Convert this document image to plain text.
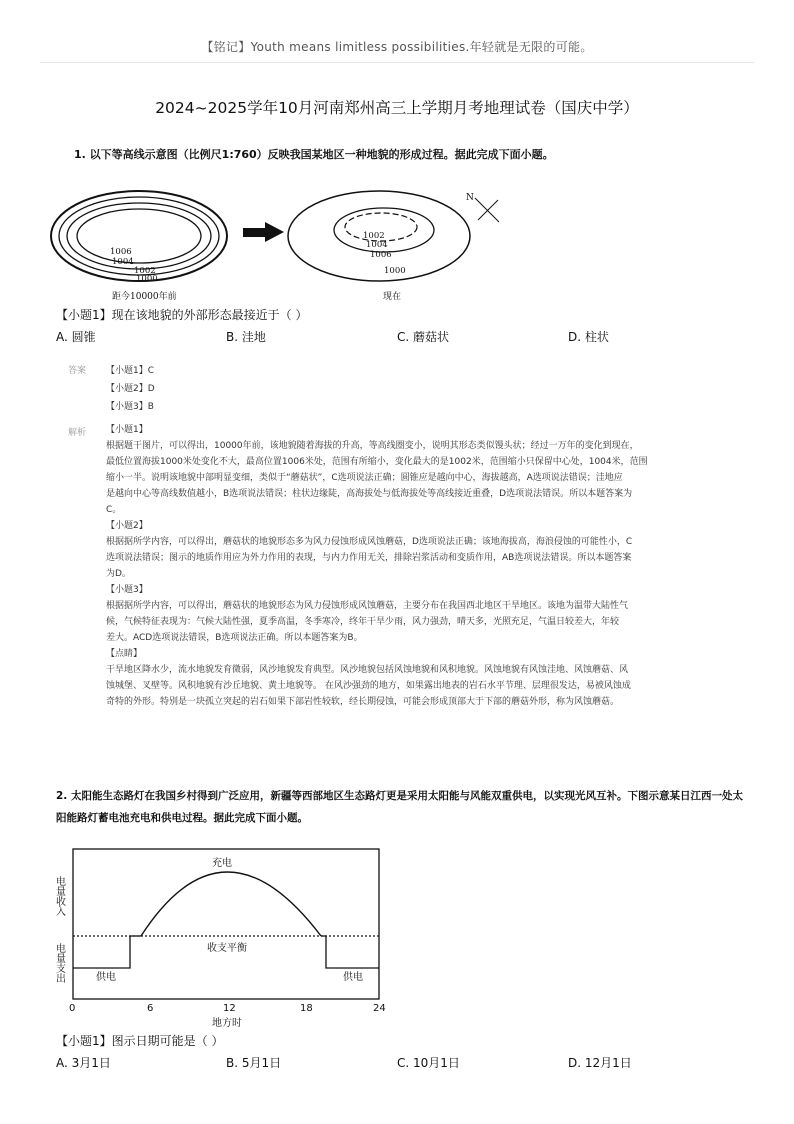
【铭记】Youth means limitless possibilities.年轻就是无限的可能。
2024~2025学年10月河南郑州高三上学期月考地理试卷（国庆中学）
1. 以下等高线示意图（比例尺1:760）反映我国某地区一种地貌的形成过程。据此完成下面小题。
1006
1004
1002
1000
距今10000年前
1002
1004
1006
1000
现在
N
【小题1】现在该地貌的外部形态最接近于（ ）
A. 圆锥	B. 洼地	C. 蘑菇状	D. 柱状
答案 【小题1】C
【小题2】D
【小题3】B
解析 【小题1】

根据题干图片，可以得出，10000年前，该地貌随着海拔的升高，等高线圈变小，说明其形态类似馒头状；经过一万年的变化到现在，

最低位置海拔1000米处变化不大，最高位置1006米处，范围有所缩小，变化最大的是1002米，范围缩小只保留中心处，1004米，范围

缩小一半。说明该地貌中部明显变细，类似于“蘑菇状”，C选项说法正确；圆锥应是越向中心，海拔越高，A选项说法错误；洼地应

是越向中心等高线数值越小，B选项说法错误；柱状边缘陡，高海拔处与低海拔处等高线接近重叠，D选项说法错误。所以本题答案为

C。

【小题2】

根据据所学内容，可以得出，蘑菇状的地貌形态多为风力侵蚀形成风蚀蘑菇，D选项说法正确；该地海拔高，海浪侵蚀的可能性小，C

选项说法错误；图示的地质作用应为外力作用的表现，与内力作用无关，排除岩浆活动和变质作用，AB选项说法错误。所以本题答案

为D。

【小题3】

根据据所学内容，可以得出，蘑菇状的地貌形态为风力侵蚀形成风蚀蘑菇，主要分布在我国西北地区干旱地区。该地为温带大陆性气

候，气候特征表现为：气候大陆性强，夏季高温，冬季寒冷，终年干旱少雨，风力强劲，晴天多，光照充足，气温日较差大，年较

差大。ACD选项说法错误，B选项说法正确。所以本题答案为B。

【点睛】

干旱地区降水少，流水地貌发育微弱，风沙地貌发育典型。风沙地貌包括风蚀地貌和风积地貌。风蚀地貌有风蚀洼地、风蚀蘑菇、风

蚀城堡、叉壁等。风积地貌有沙丘地貌、黄土地貌等。 在风沙强劲的地方，如果露出地表的岩石水平节理、层理很发达，易被风蚀成

奇特的外形。特别是一块孤立突起的岩石如果下部岩性较软，经长期侵蚀，可能会形成顶部大于下部的蘑菇外形，称为风蚀蘑菇。

2. 太阳能生态路灯在我国乡村得到广泛应用，新疆等西部地区生态路灯更是采用太阳能与风能双重供电，以实现光风互补。下图示意某日江西一处太阳能路灯蓄电池充电和供电过程。据此完成下面小题。
充电
收支平衡
供电	供电
0	6	12	18	24
地方时
电量收入
电量支出
【小题1】图示日期可能是（ ）
A. 3月1日	B. 5月1日	C. 10月1日	D. 12月1日
